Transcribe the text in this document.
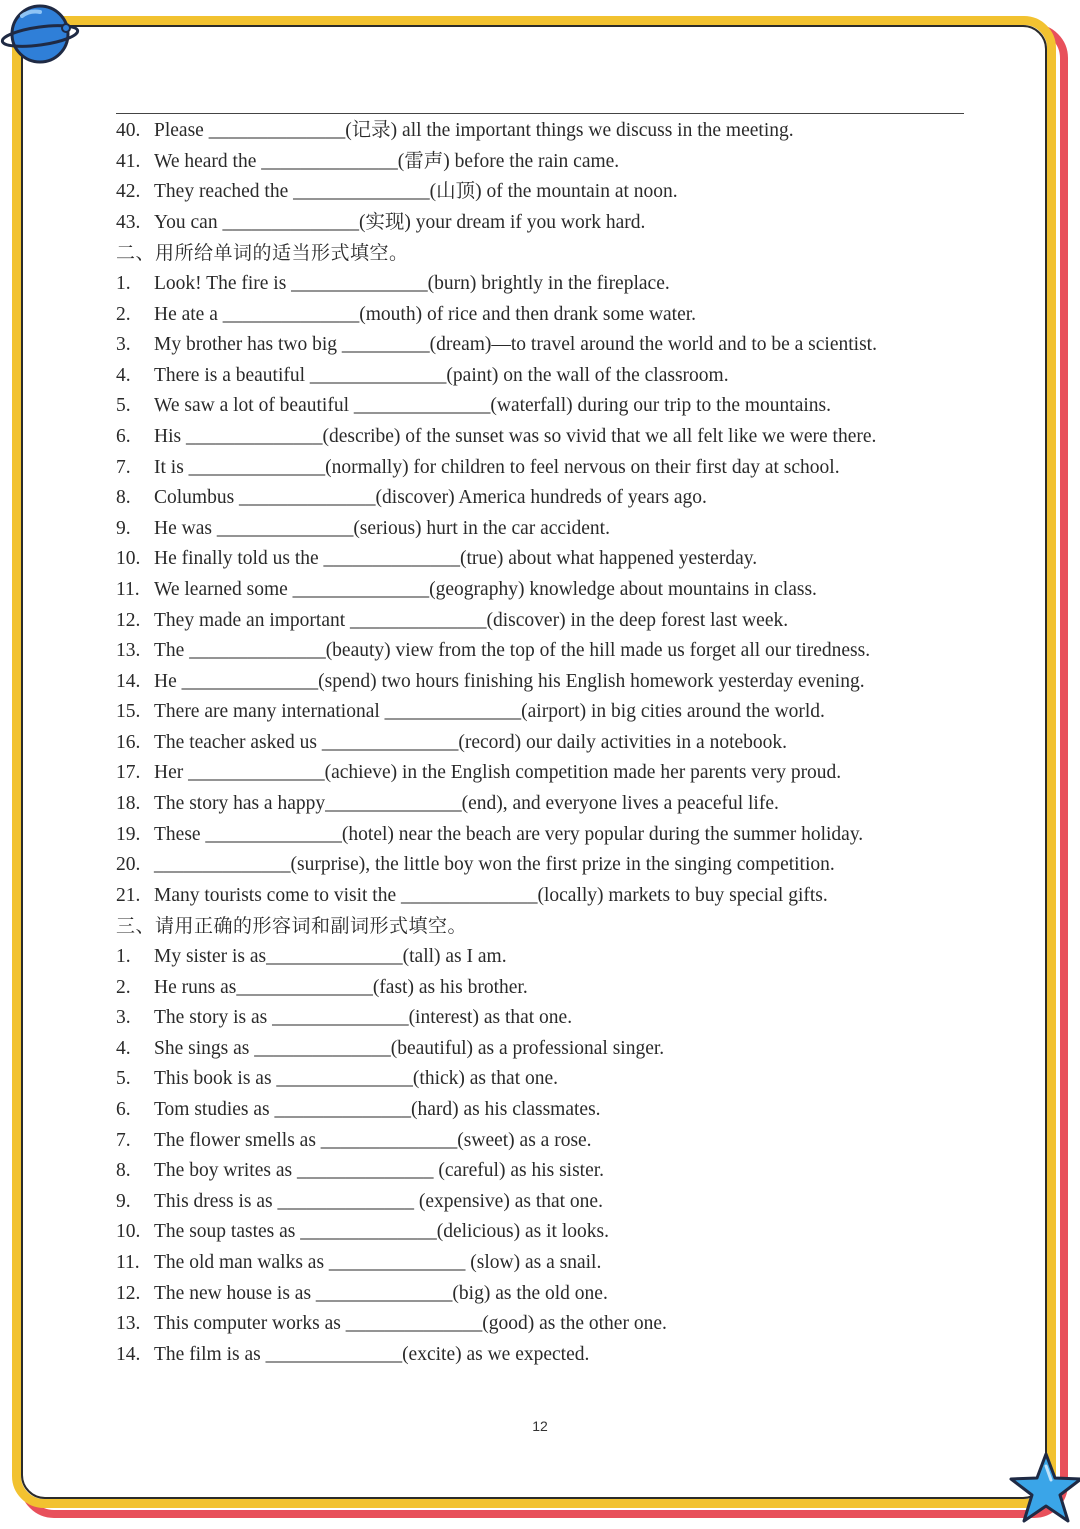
40. Please ______________(记录) all the important things we discuss in the meeting.
41. We heard the ______________(雷声) before the rain came.
42. They reached the ______________(山顶) of the mountain at noon.
43. You can ______________(实现) your dream if you work hard.
二、用所给单词的适当形式填空。
1.	Look! The fire is ______________(burn) brightly in the fireplace.
2.	He ate a ______________(mouth) of rice and then drank some water.
3.	My brother has two big _________(dream)—to travel around the world and to be a scientist.
4.	There is a beautiful ______________(paint) on the wall of the classroom.
5.	We saw a lot of beautiful ______________(waterfall) during our trip to the mountains.
6.	His ______________(describe) of the sunset was so vivid that we all felt like we were there.
7.	It is ______________(normally) for children to feel nervous on their first day at school.
8.	Columbus ______________(discover) America hundreds of years ago.
9.	He was ______________(serious) hurt in the car accident.
10. He finally told us the ______________(true) about what happened yesterday.
11. We learned some ______________(geography) knowledge about mountains in class.
12. They made an important ______________(discover) in the deep forest last week.
13. The ______________(beauty) view from the top of the hill made us forget all our tiredness.
14. He ______________(spend) two hours finishing his English homework yesterday evening.
15. There are many international ______________(airport) in big cities around the world.
16. The teacher asked us ______________(record) our daily activities in a notebook.
17. Her ______________(achieve) in the English competition made her parents very proud.
18. The story has a happy______________(end), and everyone lives a peaceful life.
19. These ______________(hotel) near the beach are very popular during the summer holiday.
20. ______________(surprise), the little boy won the first prize in the singing competition.
21. Many tourists come to visit the ______________(locally) markets to buy special gifts.
三、请用正确的形容词和副词形式填空。
1.	My sister is as______________(tall) as I am.
2.	He runs as______________(fast) as his brother.
3.	The story is as ______________(interest) as that one.
4.	She sings as ______________(beautiful) as a professional singer.
5.	This book is as ______________(thick) as that one.
6.	Tom studies as ______________(hard) as his classmates.
7.	The flower smells as ______________(sweet) as a rose.
8.	The boy writes as ______________ (careful) as his sister.
9.	This dress is as ______________ (expensive) as that one.
10. The soup tastes as ______________(delicious) as it looks.
11. The old man walks as ______________ (slow) as a snail.
12. The new house is as ______________(big) as the old one.
13. This computer works as ______________(good) as the other one.
14. The film is as ______________(excite) as we expected.
12
